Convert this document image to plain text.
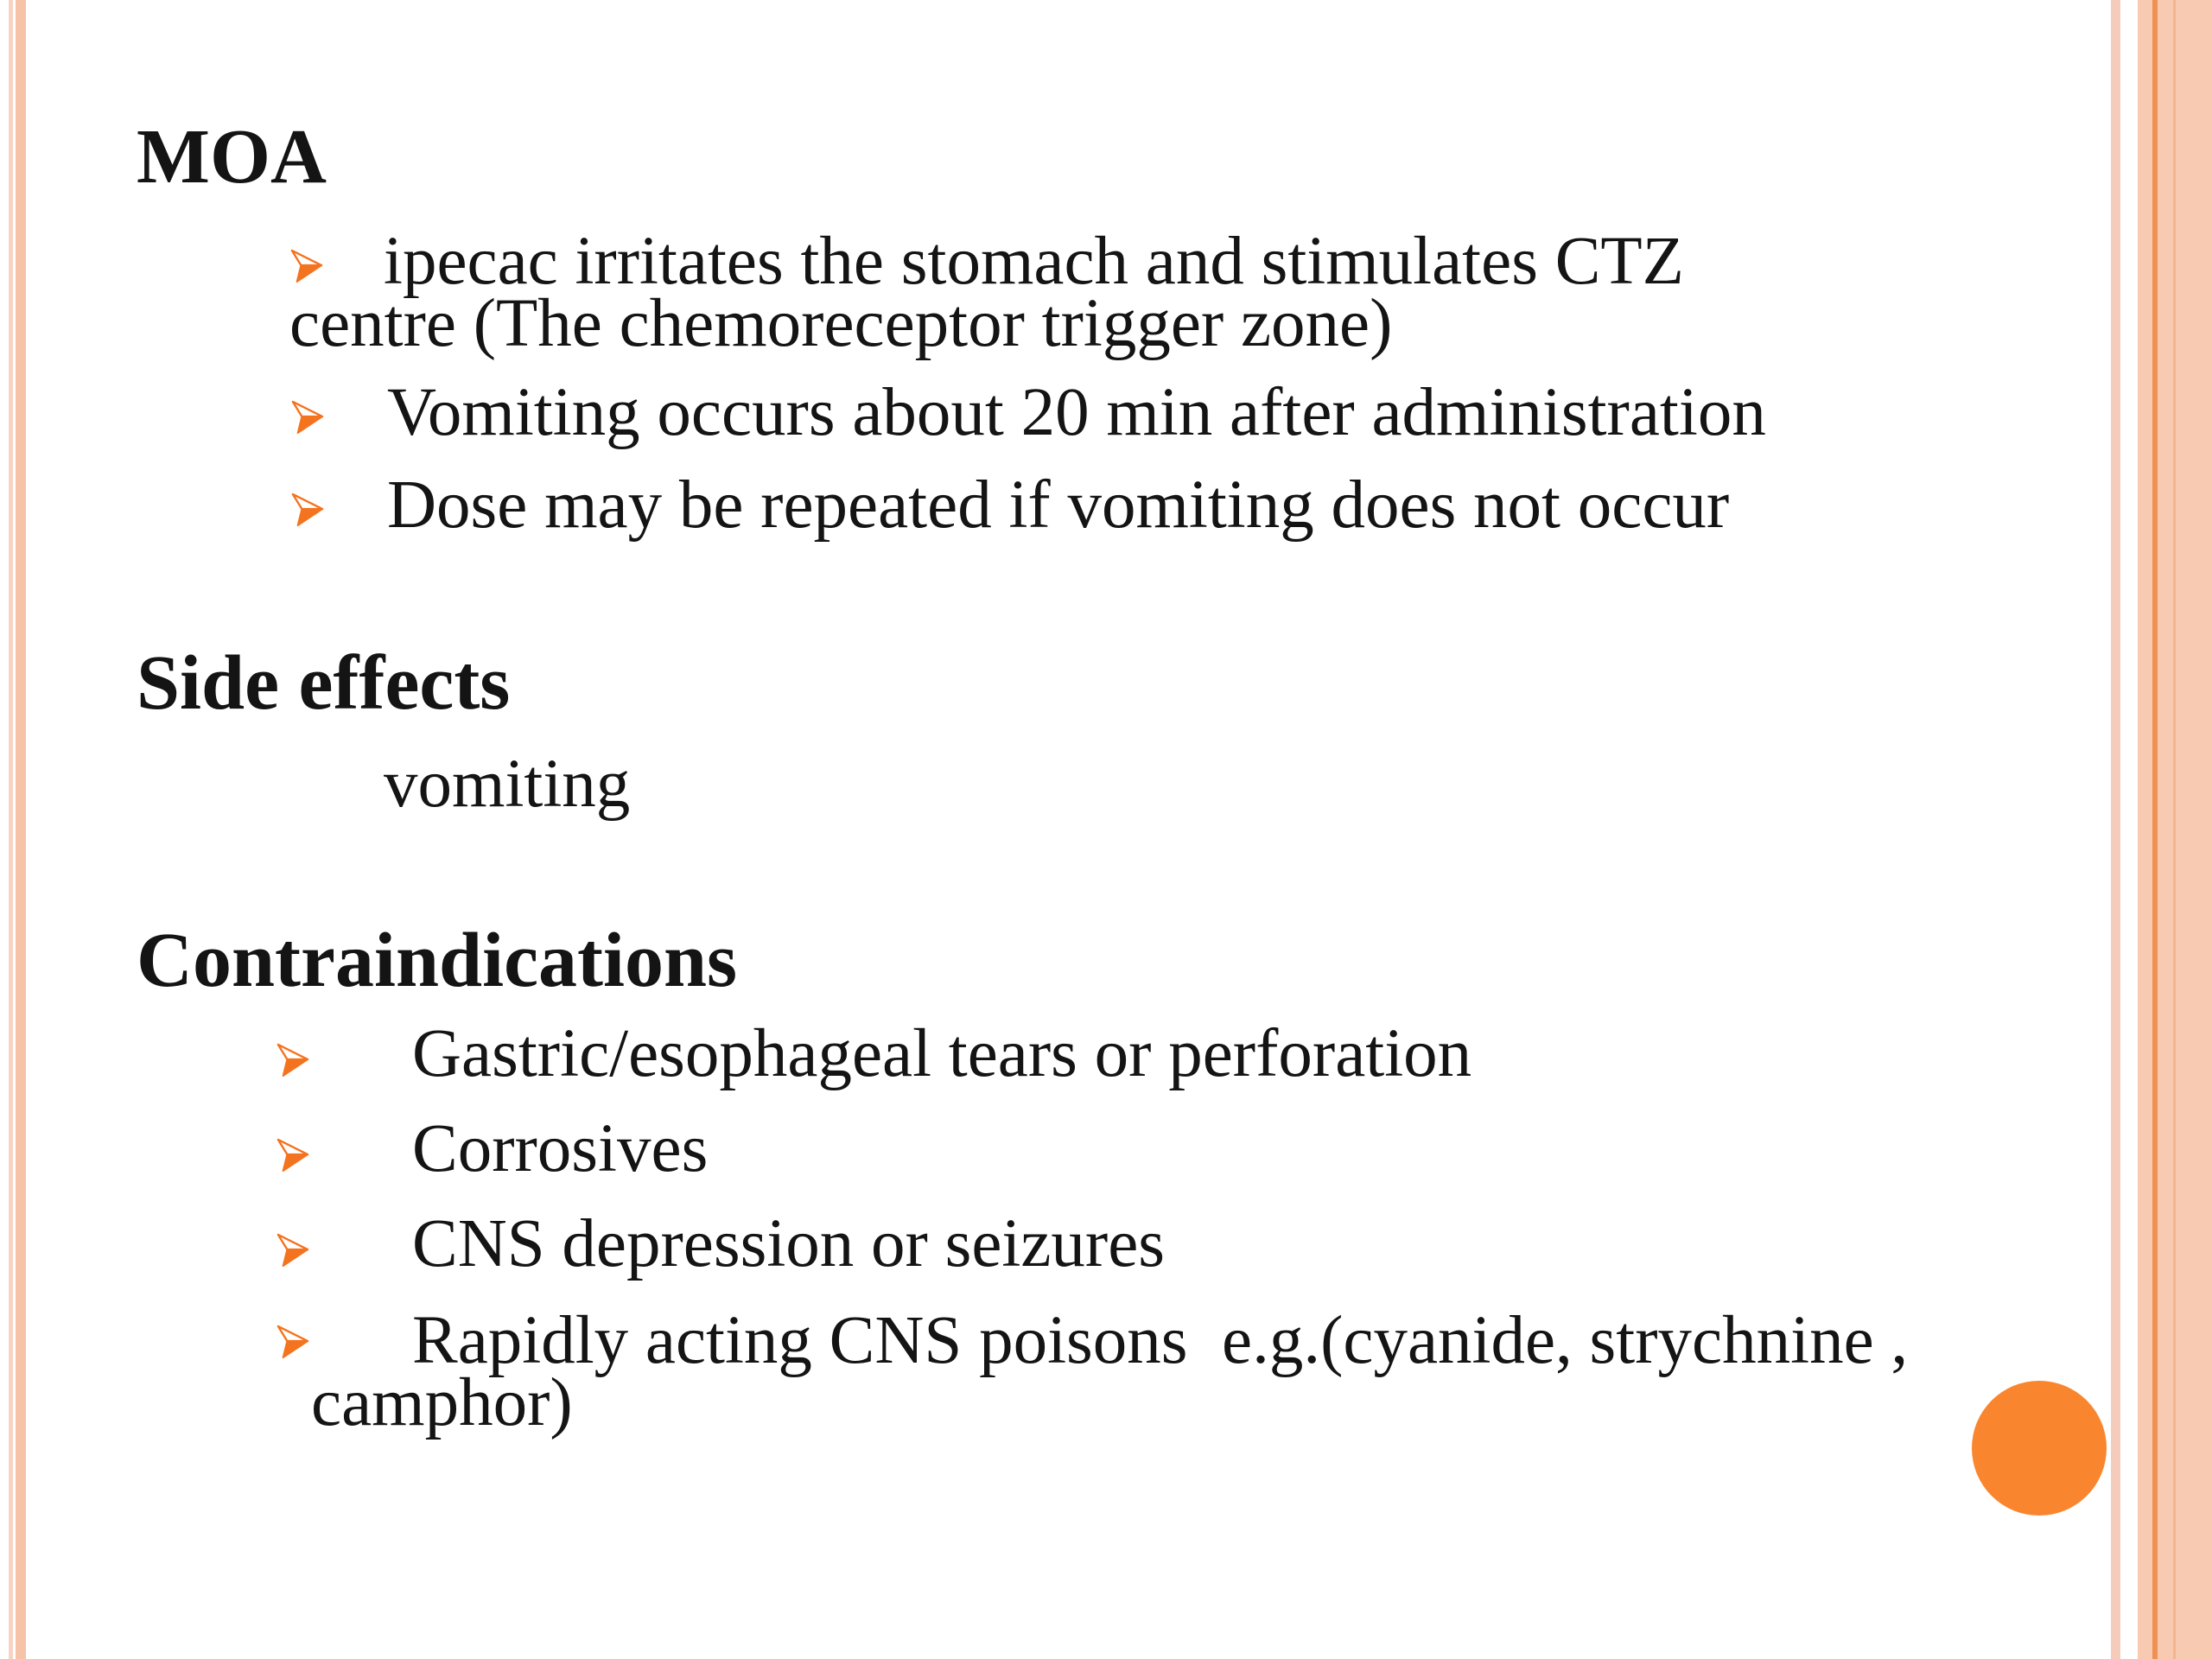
MOA
ipecac irritates the stomach and stimulates CTZ
centre (The chemoreceptor trigger zone)
Vomiting occurs about 20 min after administration
Dose may be repeated if vomiting does not occur
Side effects
vomiting
Contraindications
Gastric/esophageal tears or perforation
Corrosives
CNS depression or seizures
Rapidly acting CNS poisons  e.g.(cyanide, strychnine ,
camphor)
